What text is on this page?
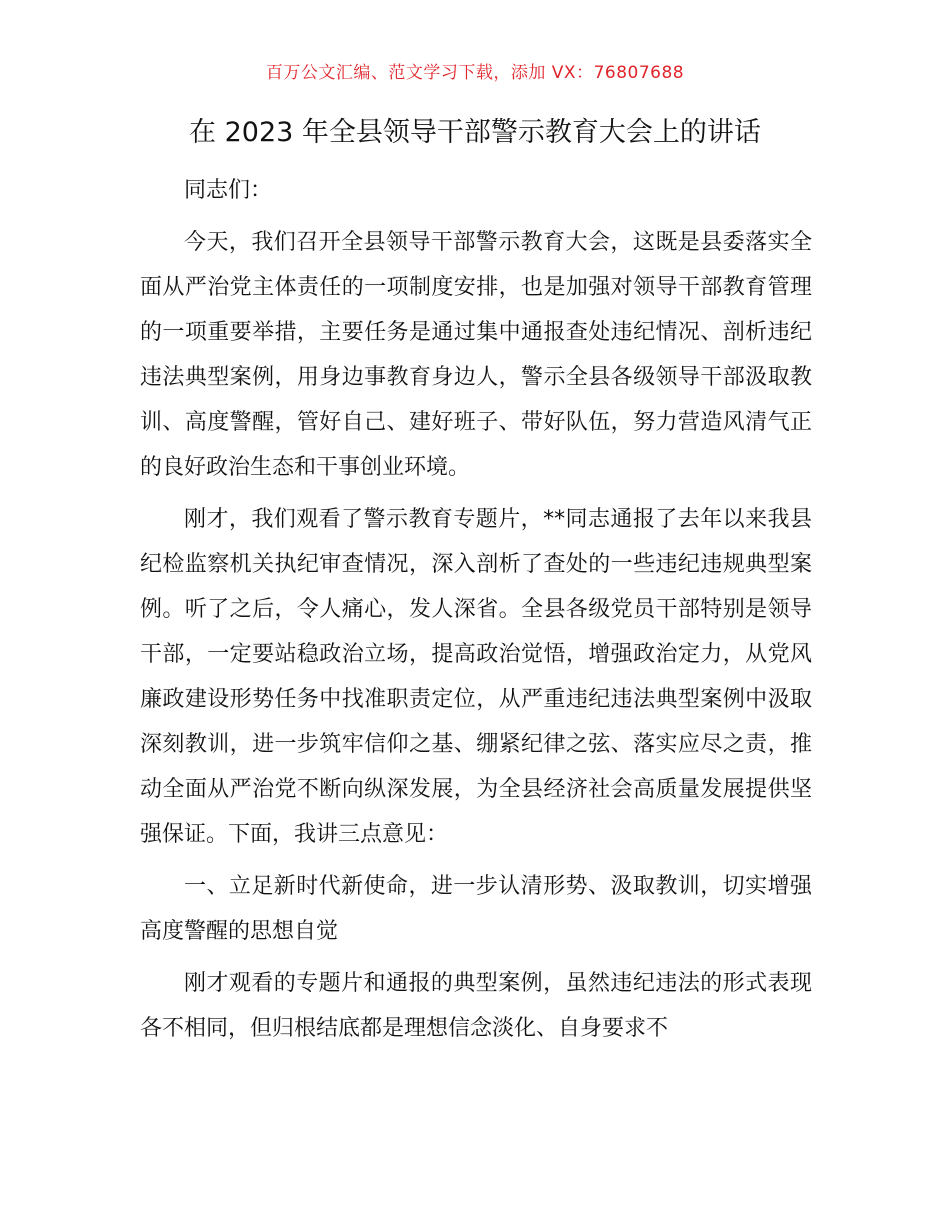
百万公文汇编、范文学习下载，添加 VX：76807688
在 2023 年全县领导干部警示教育大会上的讲话

同志们：

今天，我们召开全县领导干部警示教育大会，这既是县委落实全面从严治党主体责任的一项制度安排，也是加强对领导干部教育管理的一项重要举措，主要任务是通过集中通报查处违纪情况、剖析违纪违法典型案例，用身边事教育身边人，警示全县各级领导干部汲取教训、高度警醒，管好自己、建好班子、带好队伍，努力营造风清气正的良好政治生态和干事创业环境。

刚才，我们观看了警示教育专题片，**同志通报了去年以来我县纪检监察机关执纪审查情况，深入剖析了查处的一些违纪违规典型案例。听了之后，令人痛心，发人深省。全县各级党员干部特别是领导干部，一定要站稳政治立场，提高政治觉悟，增强政治定力，从党风廉政建设形势任务中找准职责定位，从严重违纪违法典型案例中汲取深刻教训，进一步筑牢信仰之基、绷紧纪律之弦、落实应尽之责，推动全面从严治党不断向纵深发展，为全县经济社会高质量发展提供坚强保证。下面，我讲三点意见：

一、立足新时代新使命，进一步认清形势、汲取教训，切实增强高度警醒的思想自觉

刚才观看的专题片和通报的典型案例，虽然违纪违法的形式表现各不相同，但归根结底都是理想信念淡化、自身要求不
